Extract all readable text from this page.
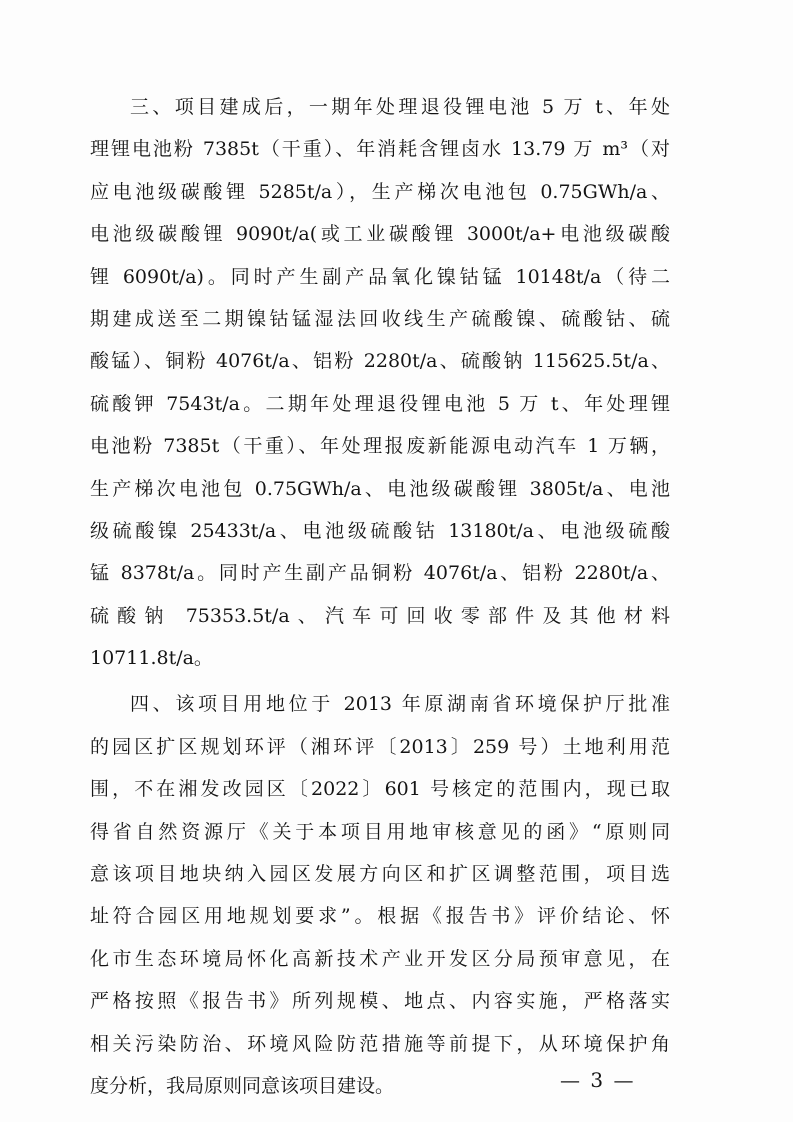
三、项目建成后，一期年处理退役锂电池 5 万 t、年处

理锂电池粉 7385t（干重）、年消耗含锂卤水 13.79 万 m³（对

应电池级碳酸锂 5285t/a），生产梯次电池包 0.75GWh/a、

电池级碳酸锂 9090t/a(或工业碳酸锂 3000t/a+电池级碳酸

锂 6090t/a)。同时产生副产品氧化镍钴锰 10148t/a（待二

期建成送至二期镍钴锰湿法回收线生产硫酸镍、硫酸钴、硫

酸锰）、铜粉 4076t/a、铝粉 2280t/a、硫酸钠 115625.5t/a、

硫酸钾 7543t/a。二期年处理退役锂电池 5 万 t、年处理锂

电池粉 7385t（干重）、年处理报废新能源电动汽车 1 万辆，

生产梯次电池包 0.75GWh/a、电池级碳酸锂 3805t/a、电池

级硫酸镍 25433t/a、电池级硫酸钴 13180t/a、电池级硫酸

锰 8378t/a。同时产生副产品铜粉 4076t/a、铝粉 2280t/a、

硫酸钠 75353.5t/a、汽车可回收零部件及其他材料

10711.8t/a。

四、该项目用地位于 2013 年原湖南省环境保护厅批准

的园区扩区规划环评（湘环评〔2013〕259 号）土地利用范

围，不在湘发改园区〔2022〕601 号核定的范围内，现已取

得省自然资源厅《关于本项目用地审核意见的函》“原则同

意该项目地块纳入园区发展方向区和扩区调整范围，项目选

址符合园区用地规划要求”。根据《报告书》评价结论、怀

化市生态环境局怀化高新技术产业开发区分局预审意见，在

严格按照《报告书》所列规模、地点、内容实施，严格落实

相关污染防治、环境风险防范措施等前提下，从环境保护角

度分析，我局原则同意该项目建设。	— 3 —
